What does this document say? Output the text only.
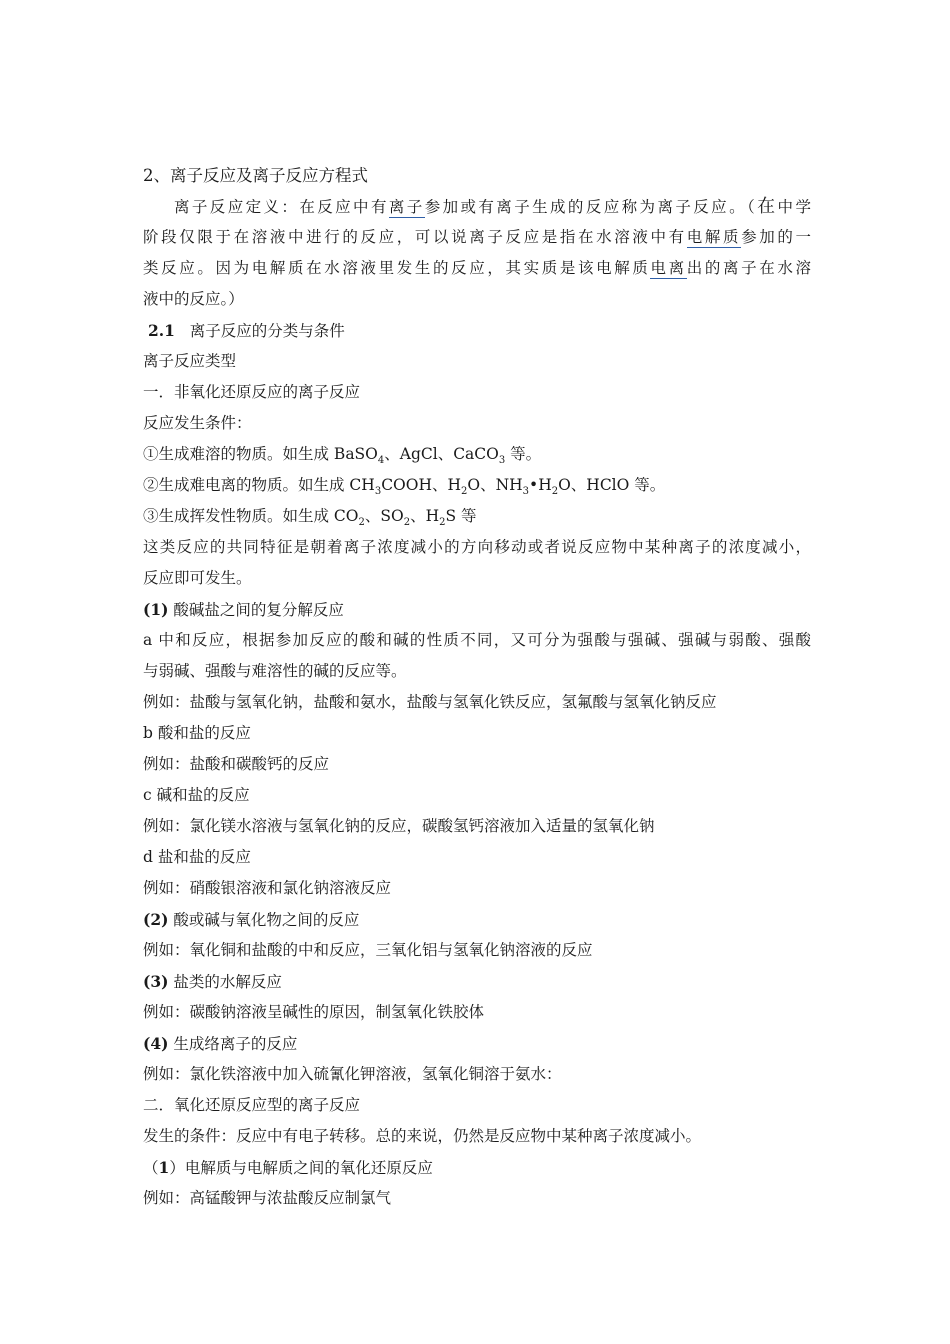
2、离子反应及离子反应方程式
离子反应定义：在反应中有离子参加或有离子生成的反应称为离子反应。（在中学
阶段仅限于在溶液中进行的反应，可以说离子反应是指在水溶液中有电解质参加的一
类反应。因为电解质在水溶液里发生的反应，其实质是该电解质电离出的离子在水溶
液中的反应。）
2.1 离子反应的分类与条件
离子反应类型
一．非氧化还原反应的离子反应
反应发生条件：
①生成难溶的物质。如生成 BaSO$_4$、AgCl、CaCO$_3$ 等。
②生成难电离的物质。如生成 $CH_3COOH$、$H_2O$、$NH_3•H_2O$、HClO 等。
③生成挥发性物质。如生成 $CO_2$、$SO_2$、$H_2S$ 等
这类反应的共同特征是朝着离子浓度减小的方向移动或者说反应物中某种离子的浓度减小，
反应即可发生。
(1) 酸碱盐之间的复分解反应
a 中和反应，根据参加反应的酸和碱的性质不同，又可分为强酸与强碱、强碱与弱酸、强酸
与弱碱、强酸与难溶性的碱的反应等。
例如：盐酸与氢氧化钠，盐酸和氨水，盐酸与氢氧化铁反应，氢氟酸与氢氧化钠反应
b 酸和盐的反应
例如：盐酸和碳酸钙的反应
c 碱和盐的反应
例如：氯化镁水溶液与氢氧化钠的反应，碳酸氢钙溶液加入适量的氢氧化钠
d 盐和盐的反应
例如：硝酸银溶液和氯化钠溶液反应
(2) 酸或碱与氧化物之间的反应
例如：氧化铜和盐酸的中和反应，三氧化铝与氢氧化钠溶液的反应
(3) 盐类的水解反应
例如：碳酸钠溶液呈碱性的原因，制氢氧化铁胶体
(4) 生成络离子的反应
例如：氯化铁溶液中加入硫氰化钾溶液，氢氧化铜溶于氨水：
二．氧化还原反应型的离子反应
发生的条件：反应中有电子转移。总的来说，仍然是反应物中某种离子浓度减小。
（1）电解质与电解质之间的氧化还原反应
例如：高锰酸钾与浓盐酸反应制氯气
